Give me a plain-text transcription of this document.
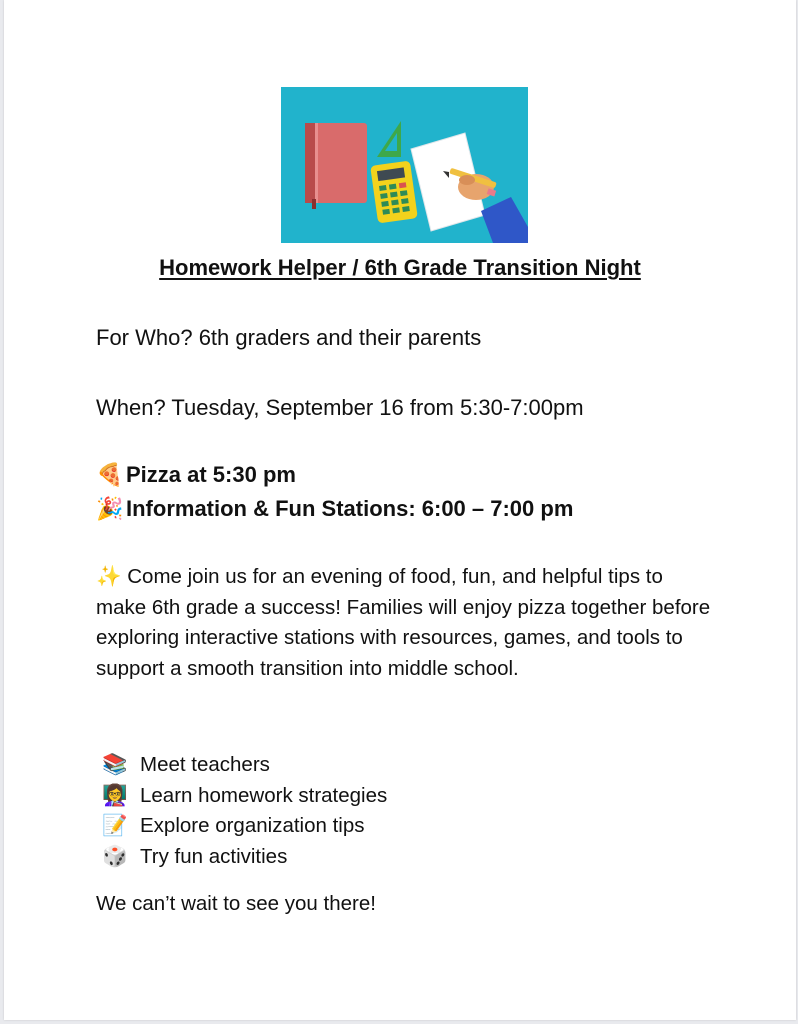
Homework Helper / 6th Grade Transition Night
For Who? 6th graders and their parents
When? Tuesday, September 16 from 5:30-7:00pm
🍕 Pizza at 5:30 pm
🎉 Information & Fun Stations: 6:00 – 7:00 pm
✨ Come join us for an evening of food, fun, and helpful tips to make 6th grade a success! Families will enjoy pizza together before exploring interactive stations with resources, games, and tools to support a smooth transition into middle school.
📚 Meet teachers
👩‍🏫 Learn homework strategies
📝 Explore organization tips
🎲 Try fun activities
We can’t wait to see you there!
